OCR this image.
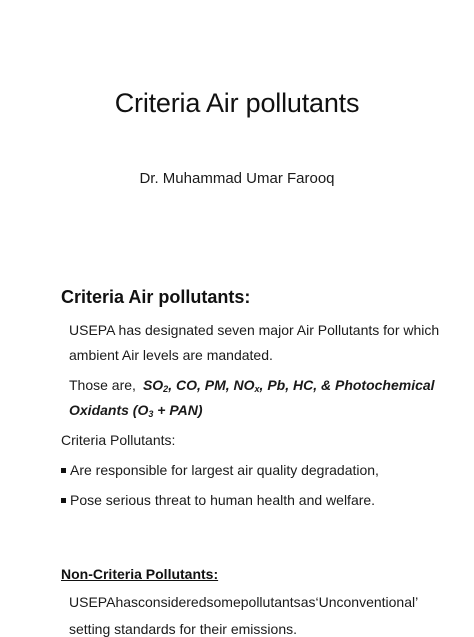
Criteria Air pollutants
Dr. Muhammad Umar Farooq
Criteria Air pollutants:
USEPA has designated seven major Air Pollutants for which
ambient Air levels are mandated.
Those are, $SO_2$, CO, PM, $NO_x$, Pb, HC, & Photochemical
Oxidants $(O_3 + PAN)$
Criteria Pollutants:
Are responsible for largest air quality degradation,
Pose serious threat to human health and welfare.
Non-Criteria Pollutants:
USEPA has considered some pollutants as ‘Unconventional’
setting standards for their emissions.
